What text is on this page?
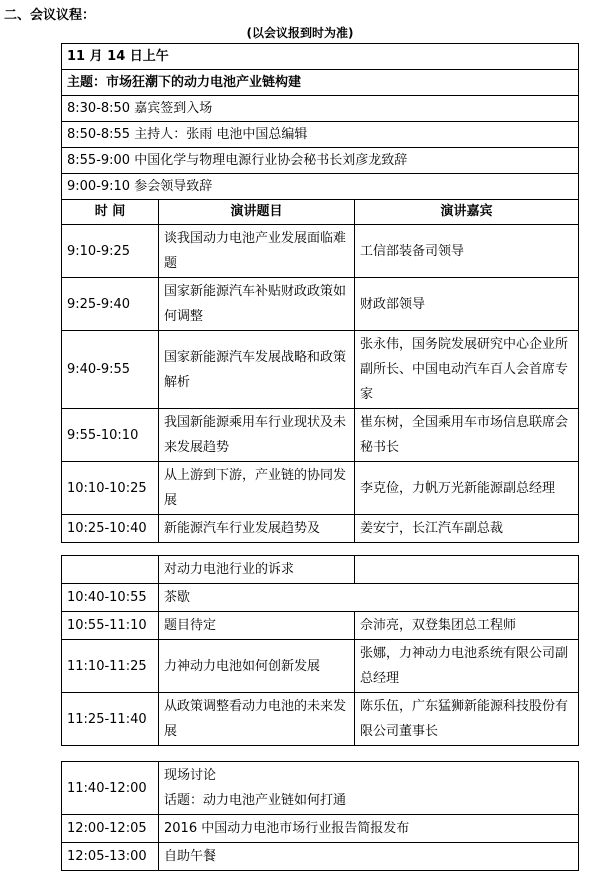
二、会议议程：
(以会议报到时为准)
11 月 14 日上午		
主题：市场狂潮下的动力电池产业链构建		
8:30-8:50 嘉宾签到入场		
8:50-8:55 主持人：张雨 电池中国总编辑		
8:55-9:00 中国化学与物理电源行业协会秘书长刘彦龙致辞		
9:00-9:10 参会领导致辞		
时 间	演讲题目	演讲嘉宾
9:10-9:25	谈我国动力电池产业发展面临难题	工信部装备司领导
9:25-9:40	国家新能源汽车补贴财政政策如何调整	财政部领导
9:40-9:55	国家新能源汽车发展战略和政策解析	张永伟，国务院发展研究中心企业所副所长、中国电动汽车百人会首席专家
9:55-10:10	我国新能源乘用车行业现状及未来发展趋势	崔东树，全国乘用车市场信息联席会秘书长
10:10-10:25	从上游到下游，产业链的协同发展	李克俭，力帆万光新能源副总经理
10:25-10:40	新能源汽车行业发展趋势及	姜安宁，长江汽车副总裁
	对动力电池行业的诉求	
10:40-10:55	茶歇	
10:55-11:10	题目待定	佘沛亮，双登集团总工程师
11:10-11:25	力神动力电池如何创新发展	张娜，力神动力电池系统有限公司副总经理
11:25-11:40	从政策调整看动力电池的未来发展	陈乐伍，广东猛狮新能源科技股份有限公司董事长
11:40-12:00	现场讨论
话题：动力电池产业链如何打通

12:00-12:05	2016 中国动力电池市场行业报告简报发布
12:05-13:00	自助午餐
